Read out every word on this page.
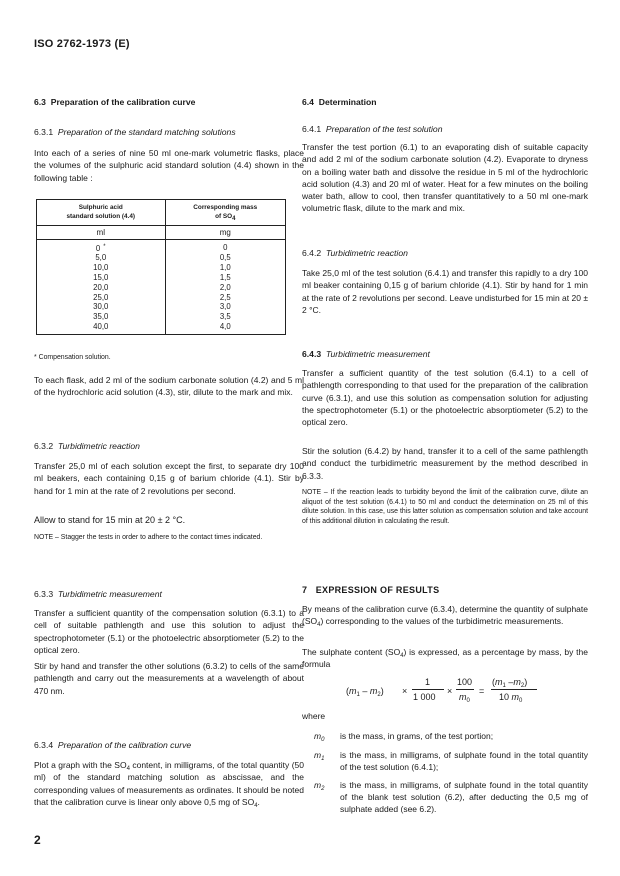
ISO 2762-1973 (E)
6.3 Preparation of the calibration curve
6.3.1 Preparation of the standard matching solutions
Into each of a series of nine 50 ml one-mark volumetric flasks, place the volumes of the sulphuric acid standard solution (4.4) shown in the following table :
Sulphuric acid
standard solution (4.4)	Corresponding mass
of $SO_4$
ml	mg
0 *	0
5,0	0,5
10,0	1,0
15,0	1,5
20,0	2,0
25,0	2,5
30,0	3,0
35,0	3,5
40,0	4,0
* Compensation solution.
To each flask, add 2 ml of the sodium carbonate solution (4.2) and 5 ml of the hydrochloric acid solution (4.3), stir, dilute to the mark and mix.
6.3.2 Turbidimetric reaction
Transfer 25,0 ml of each solution except the first, to separate dry 100 ml beakers, each containing 0,15 g of barium chloride (4.1). Stir by hand for 1 min at the rate of 2 revolutions per second.
Allow to stand for 15 min at 20 ± 2 °C.
NOTE – Stagger the tests in order to adhere to the contact times indicated.
6.3.3 Turbidimetric measurement
Transfer a sufficient quantity of the compensation solution (6.3.1) to a cell of suitable pathlength and use this solution to adjust the spectrophotometer (5.1) or the photoelectric absorptiometer (5.2) to the optical zero.
Stir by hand and transfer the other solutions (6.3.2) to cells of the same pathlength and carry out the measurements at a wavelength of about 470 nm.
6.3.4 Preparation of the calibration curve
Plot a graph with the $SO_4$ content, in milligrams, of the total quantity (50 ml) of the standard matching solution as abscissae, and the corresponding values of measurements as ordinates. It should be noted that the calibration curve is linear only above 0,5 mg of $SO_4$.
2
6.4 Determination
6.4.1 Preparation of the test solution
Transfer the test portion (6.1) to an evaporating dish of suitable capacity and add 2 ml of the sodium carbonate solution (4.2). Evaporate to dryness on a boiling water bath and dissolve the residue in 5 ml of the hydrochloric acid solution (4.3) and 20 ml of water. Heat for a few minutes on the boiling water bath, allow to cool, then transfer quantitatively to a 50 ml one-mark volumetric flask, dilute to the mark and mix.
6.4.2 Turbidimetric reaction
Take 25,0 ml of the test solution (6.4.1) and transfer this rapidly to a dry 100 ml beaker containing 0,15 g of barium chloride (4.1). Stir by hand for 1 min at the rate of 2 revolutions per second. Leave undisturbed for 15 min at 20 ± 2 °C.
6.4.3 Turbidimetric measurement
Transfer a sufficient quantity of the test solution (6.4.1) to a cell of pathlength corresponding to that used for the preparation of the calibration curve (6.3.1), and use this solution as compensation solution for adjusting the spectrophotometer (5.1) or the photoelectric absorptiometer (5.2) to the optical zero.
Stir the solution (6.4.2) by hand, transfer it to a cell of the same pathlength and conduct the turbidimetric measurement by the method described in 6.3.3.
NOTE – If the reaction leads to turbidity beyond the limit of the calibration curve, dilute an aliquot of the test solution (6.4.1) to 50 ml and conduct the determination on 25 ml of this dilute solution. In this case, use this latter solution as compensation solution and take account of this additional dilution in calculating the result.
7 EXPRESSION OF RESULTS
By means of the calibration curve (6.3.4), determine the quantity of sulphate $(SO_4)$ corresponding to the values of the turbidimetric measurements.
The sulphate content $(SO_4)$ is expressed, as a percentage by mass, by the formula
$(m_1 - m_2)$ ×
1
1 000
×
100
$m_0$
=
($m_1$ $-m_2$)
10 $m_0$
where
$m_0$ is the mass, in grams, of the test portion;
$m_1$ is the mass, in milligrams, of sulphate found in the total quantity of the test solution (6.4.1);
$m_2$ is the mass, in milligrams, of sulphate found in the total quantity of the blank test solution (6.2), after deducting the 0,5 mg of sulphate added (see 6.2).
